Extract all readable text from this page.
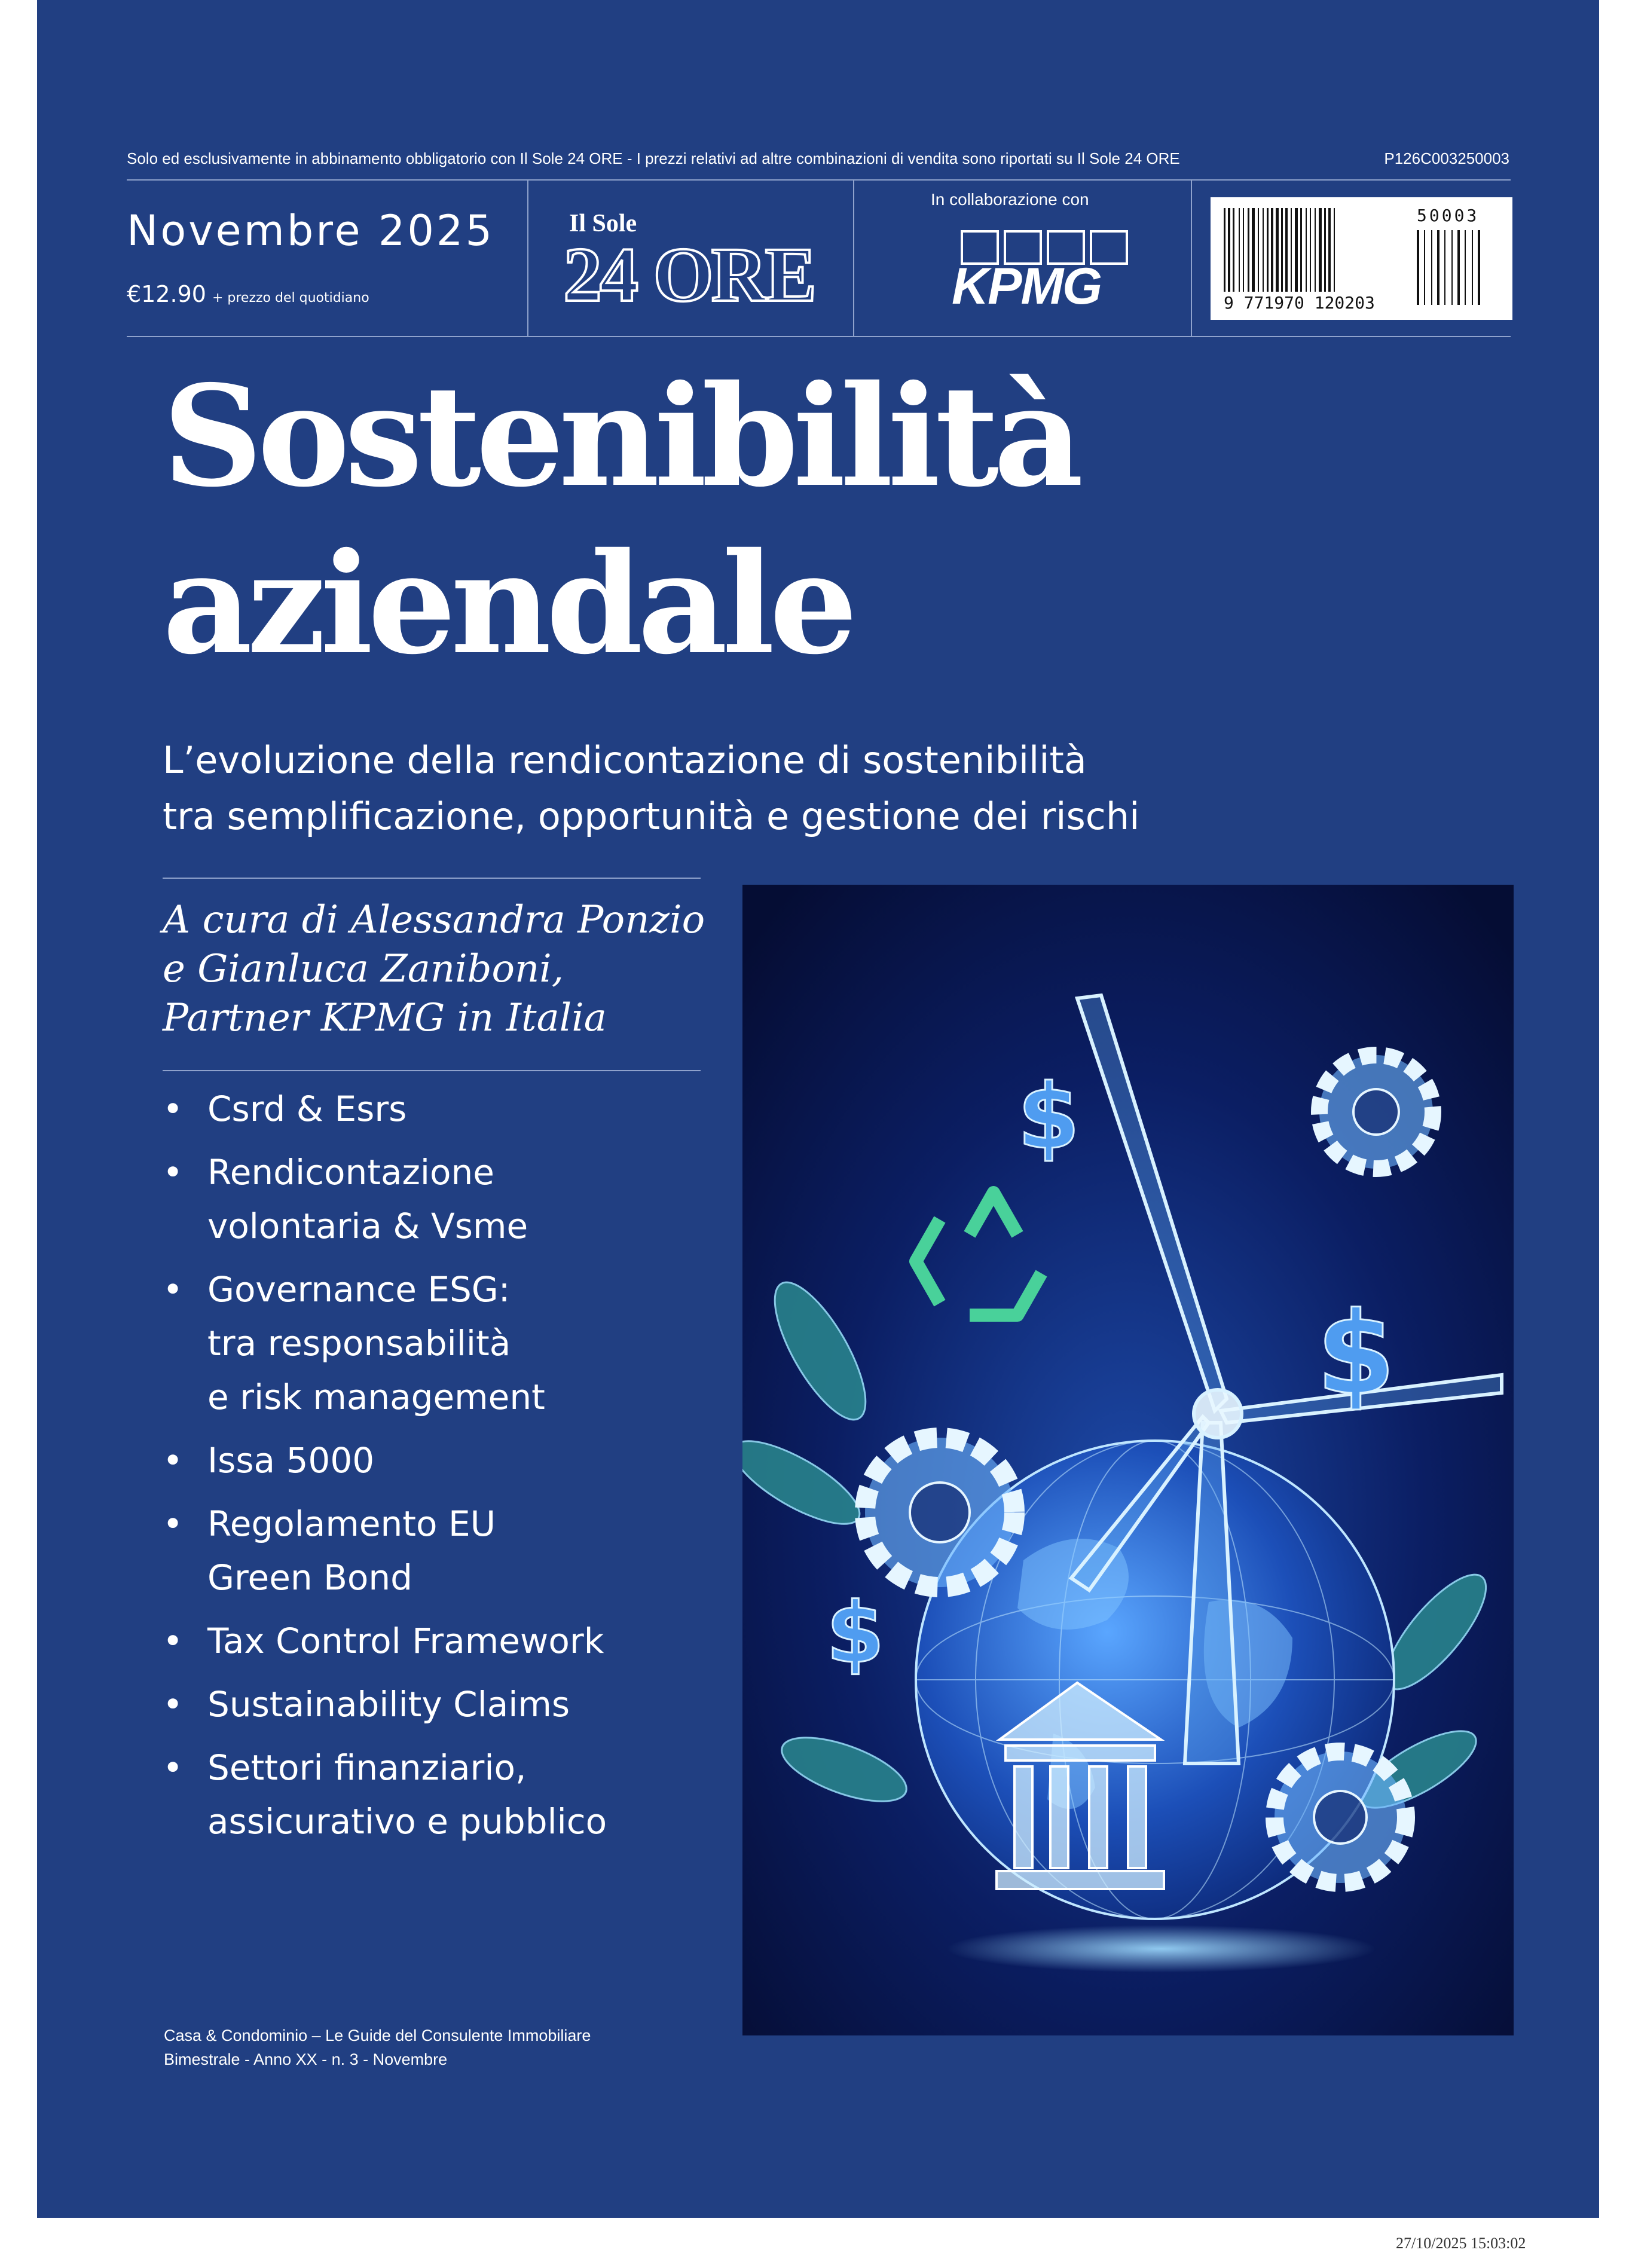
Solo ed esclusivamente in abbinamento obbligatorio con Il Sole 24 ORE - I prezzi relativi ad altre combinazioni di vendita sono riportati su Il Sole 24 ORE	P126C003250003
Novembre 2025
€12.90 + prezzo del quotidiano
Il Sole
24 ORE
In collaborazione con
KPMG
50003
9 771970 120203
Sostenibilità
aziendale
L’evoluzione della rendicontazione di sostenibilità
tra semplificazione, opportunità e gestione dei rischi
A cura di Alessandra Ponzio
e Gianluca Zaniboni,
Partner KPMG in Italia
• Csrd & Esrs
• Rendicontazione
volontaria & Vsme
• Governance ESG:
tra responsabilità
e risk management
• Issa 5000
• Regolamento EU
Green Bond
• Tax Control Framework
• Sustainability Claims
• Settori finanziario,
assicurativo e pubblico
Casa & Condominio – Le Guide del Consulente Immobiliare
Bimestrale - Anno XX - n. 3 - Novembre
$
$
$
27/10/2025 15:03:02
